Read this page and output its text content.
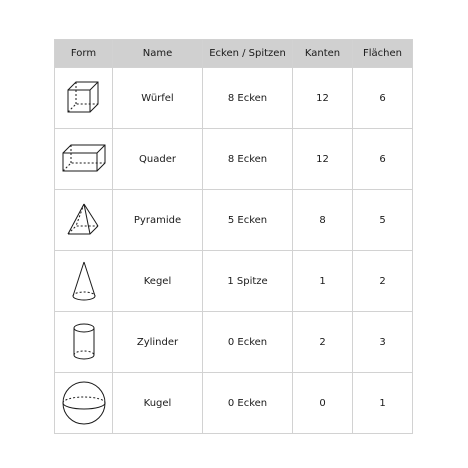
Form	Name	Ecken / Spitzen	Kanten	Flächen

	Würfel	8 Ecken	12	6

	Quader	8 Ecken	12	6

	Pyramide	5 Ecken	8	5

	Kegel	1 Spitze	1	2

	Zylinder	0 Ecken	2	3

	Kugel	0 Ecken	0	1
